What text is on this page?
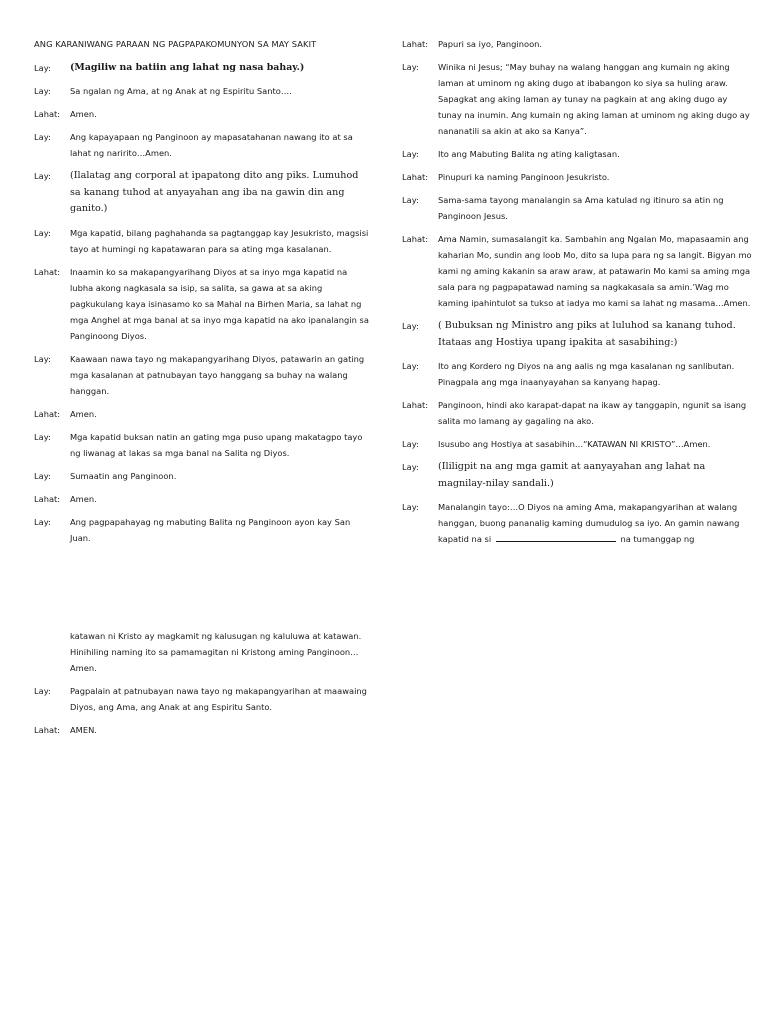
ANG KARANIWANG PARAAN NG PAGPAPAKOMUNYON SA MAY SAKIT
Lay:	(Magiliw na batiin ang lahat ng nasa bahay.)
Lay:	Sa ngalan ng Ama, at ng Anak at ng Espiritu Santo….
Lahat:	Amen.
Lay:	Ang kapayapaan ng Panginoon ay mapasatahanan nawang ito at sa lahat ng naririto…Amen.
Lay:	(Ilalatag ang corporal at ipapatong dito ang piks. Lumuhod sa kanang tuhod at anyayahan ang iba na gawin din ang ganito.)
Lay:	Mga kapatid, bilang paghahanda sa pagtanggap kay Jesukristo, magsisi tayo at humingi ng kapatawaran para sa ating mga kasalanan.
Lahat:	Inaamin ko sa makapangyarihang Diyos at sa inyo mga kapatid na lubha akong nagkasala sa isip, sa salita, sa gawa at sa aking pagkukulang kaya isinasamo ko sa Mahal na Birhen Maria, sa lahat ng mga Anghel at mga banal at sa inyo mga kapatid na ako ipanalangin sa Panginoong Diyos.
Lay:	Kaawaan nawa tayo ng makapangyarihang Diyos, patawarin an gating mga kasalanan at patnubayan tayo hanggang sa buhay na walang hanggan.
Lahat:	Amen.
Lay:	Mga kapatid buksan natin an gating mga puso upang makatagpo tayo ng liwanag at lakas sa mga banal na Salita ng Diyos.
Lay:	Sumaatin ang Panginoon.
Lahat:	Amen.
Lay:	Ang pagpapahayag ng mabuting Balita ng Panginoon ayon kay San Juan.
katawan ni Kristo ay magkamit ng kalusugan ng kaluluwa at katawan. Hinihiling naming ito sa pamamagitan ni Kristong aming Panginoon…Amen.
Lay:	Pagpalain at patnubayan nawa tayo ng makapangyarihan at maawaing Diyos, ang Ama, ang Anak at ang Espiritu Santo.
Lahat:	AMEN.
Lahat:	Papuri sa iyo, Panginoon.
Lay:	Winika ni Jesus; “May buhay na walang hanggan ang kumain ng aking laman at uminom ng aking dugo at ibabangon ko siya sa huling araw. Sapagkat ang aking laman ay tunay na pagkain at ang aking dugo ay tunay na inumin. Ang kumain ng aking laman at uminom ng aking dugo ay nananatili sa akin at ako sa Kanya”.
Lay:	Ito ang Mabuting Balita ng ating kaligtasan.
Lahat:	Pinupuri ka naming Panginoon Jesukristo.
Lay:	Sama-sama tayong manalangin sa Ama katulad ng itinuro sa atin ng Panginoon Jesus.
Lahat:	Ama Namin, sumasalangit ka. Sambahin ang Ngalan Mo, mapasaamin ang kaharian Mo, sundin ang loob Mo, dito sa lupa para ng sa langit. Bigyan mo kami ng aming kakanin sa araw araw, at patawarin Mo kami sa aming mga sala para ng pagpapatawad naming sa nagkakasala sa amin.’Wag mo kaming ipahintulot sa tukso at iadya mo kami sa lahat ng masama…Amen.
Lay:	( Bubuksan ng Ministro ang piks at luluhod sa kanang tuhod. Itataas ang Hostiya upang ipakita at sasabihing:)
Lay:	Ito ang Kordero ng Diyos na ang aalis ng mga kasalanan ng sanlibutan. Pinagpala ang mga inaanyayahan sa kanyang hapag.
Lahat:	Panginoon, hindi ako karapat-dapat na ikaw ay tanggapin, ngunit sa isang salita mo lamang ay gagaling na ako.
Lay:	Isusubo ang Hostiya at sasabihin…“KATAWAN NI KRISTO”…Amen.
Lay:	(Ililigpit na ang mga gamit at aanyayahan ang lahat na magnilay-nilay sandali.)
Lay:	Manalangin tayo:…O Diyos na aming Ama, makapangyarihan at walang hanggan, buong pananalig kaming dumudulog sa iyo. An gamin nawang kapatid na si	na tumanggap ng
